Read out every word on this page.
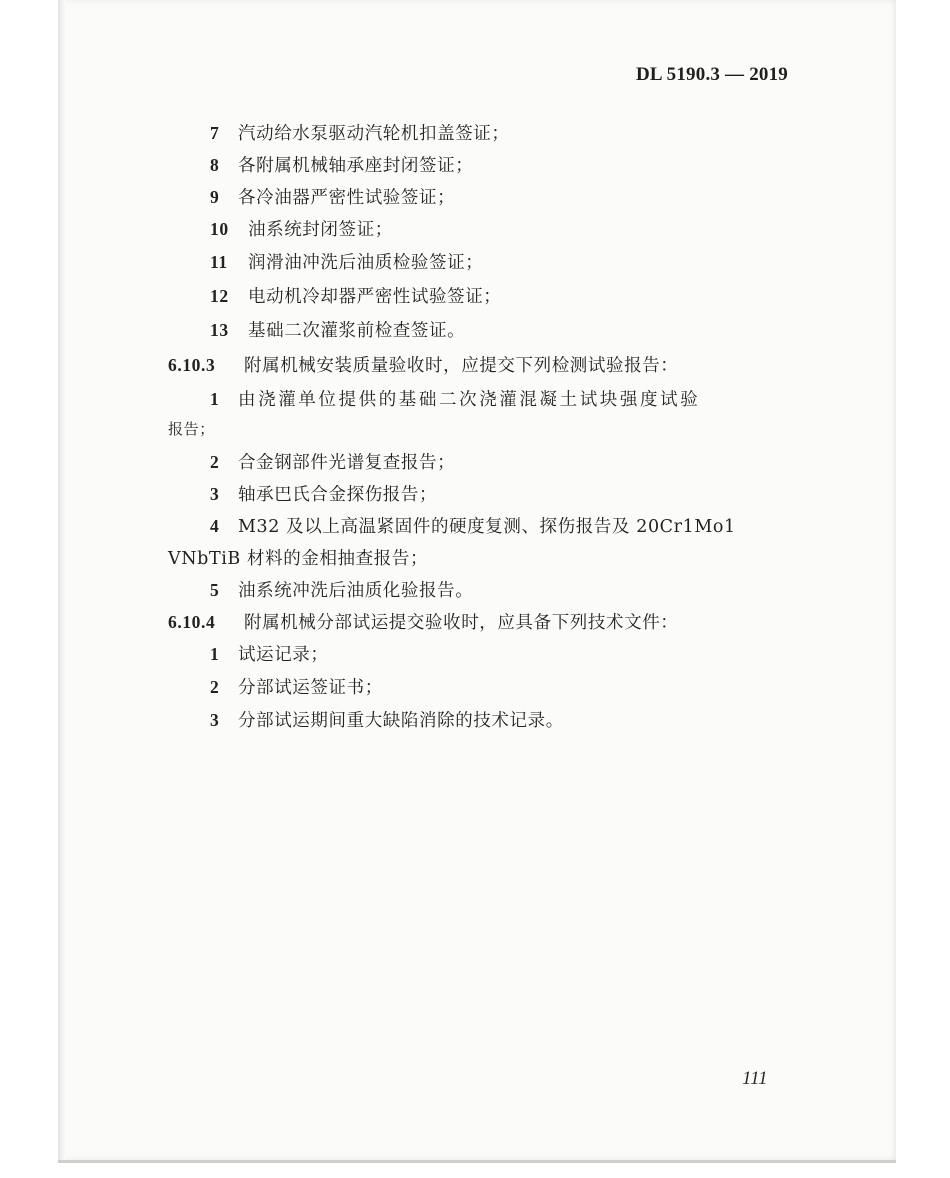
DL 5190.3 — 2019
7 汽动给水泵驱动汽轮机扣盖签证；
8 各附属机械轴承座封闭签证；
9 各冷油器严密性试验签证；
10 油系统封闭签证；
11 润滑油冲洗后油质检验签证；
12 电动机冷却器严密性试验签证；
13 基础二次灌浆前检查签证。
6.10.3 附属机械安装质量验收时，应提交下列检测试验报告：
1 由浇灌单位提供的基础二次浇灌混凝土试块强度试验
报告；
2 合金钢部件光谱复查报告；
3 轴承巴氏合金探伤报告；
4 M32 及以上高温紧固件的硬度复测、探伤报告及 20Cr1Mo1
VNbTiB 材料的金相抽查报告；
5 油系统冲洗后油质化验报告。
6.10.4 附属机械分部试运提交验收时，应具备下列技术文件：
1 试运记录；
2 分部试运签证书；
3 分部试运期间重大缺陷消除的技术记录。
111
